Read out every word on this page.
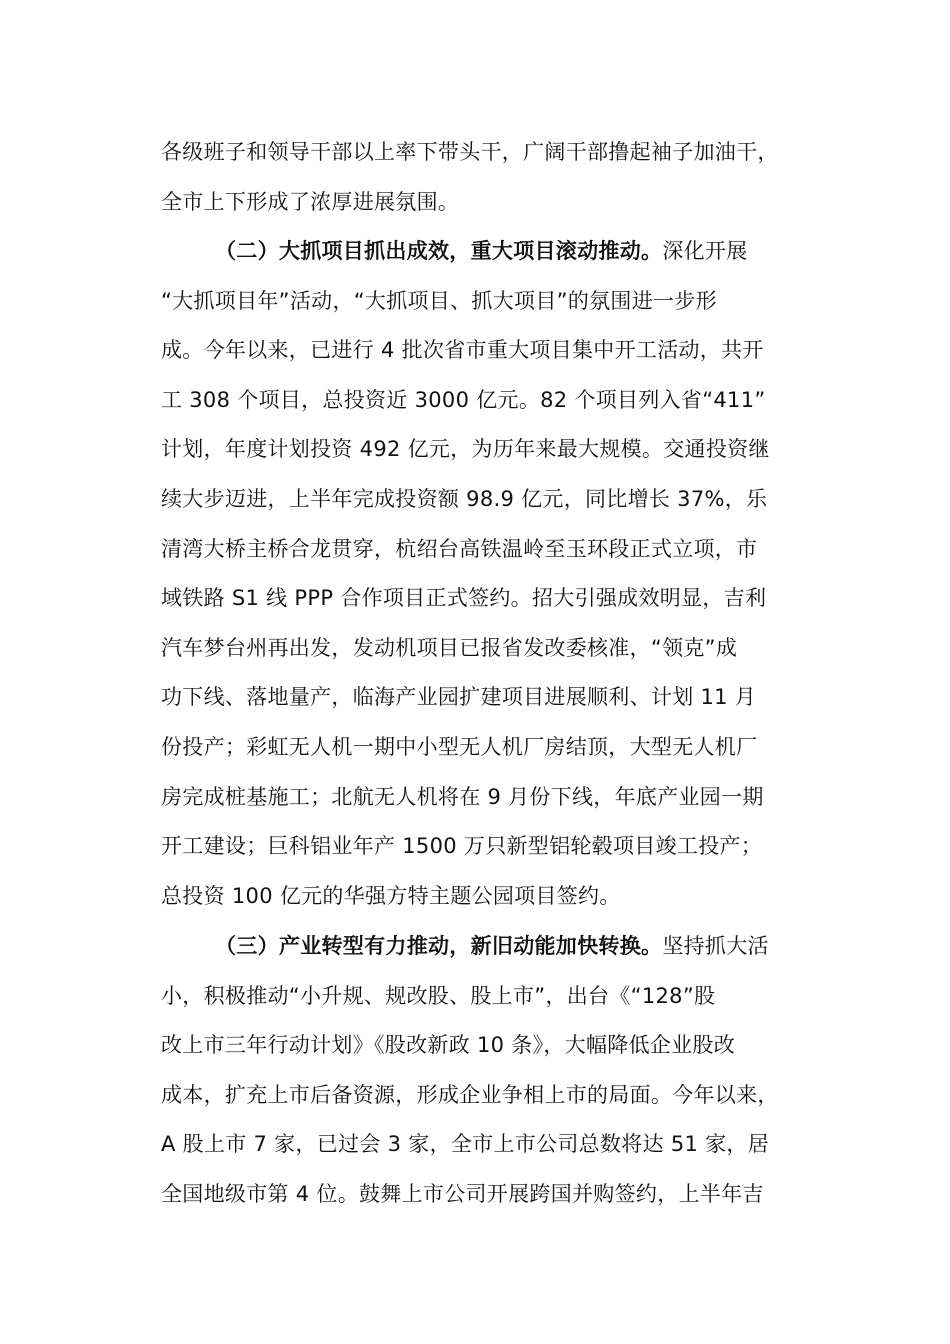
各级班子和领导干部以上率下带头干，广阔干部撸起袖子加油干，
全市上下形成了浓厚进展氛围。
（二）大抓项目抓出成效，重大项目滚动推动。深化开展
“大抓项目年”活动，“大抓项目、抓大项目”的氛围进一步形
成。今年以来，已进行 4 批次省市重大项目集中开工活动，共开
工 308 个项目，总投资近 3000 亿元。82 个项目列入省“411”
计划，年度计划投资 492 亿元，为历年来最大规模。交通投资继
续大步迈进，上半年完成投资额 98.9 亿元，同比增长 37%，乐
清湾大桥主桥合龙贯穿，杭绍台高铁温岭至玉环段正式立项，市
域铁路 S1 线 PPP 合作项目正式签约。招大引强成效明显，吉利
汽车梦台州再出发，发动机项目已报省发改委核准，“领克”成
功下线、落地量产，临海产业园扩建项目进展顺利、计划 11 月
份投产；彩虹无人机一期中小型无人机厂房结顶，大型无人机厂
房完成桩基施工；北航无人机将在 9 月份下线，年底产业园一期
开工建设；巨科铝业年产 1500 万只新型铝轮毂项目竣工投产；
总投资 100 亿元的华强方特主题公园项目签约。
（三）产业转型有力推动，新旧动能加快转换。坚持抓大活
小，积极推动“小升规、规改股、股上市”，出台《“128”股
改上市三年行动计划》《股改新政 10 条》，大幅降低企业股改
成本，扩充上市后备资源，形成企业争相上市的局面。今年以来，
A 股上市 7 家，已过会 3 家，全市上市公司总数将达 51 家，居
全国地级市第 4 位。鼓舞上市公司开展跨国并购签约，上半年吉
